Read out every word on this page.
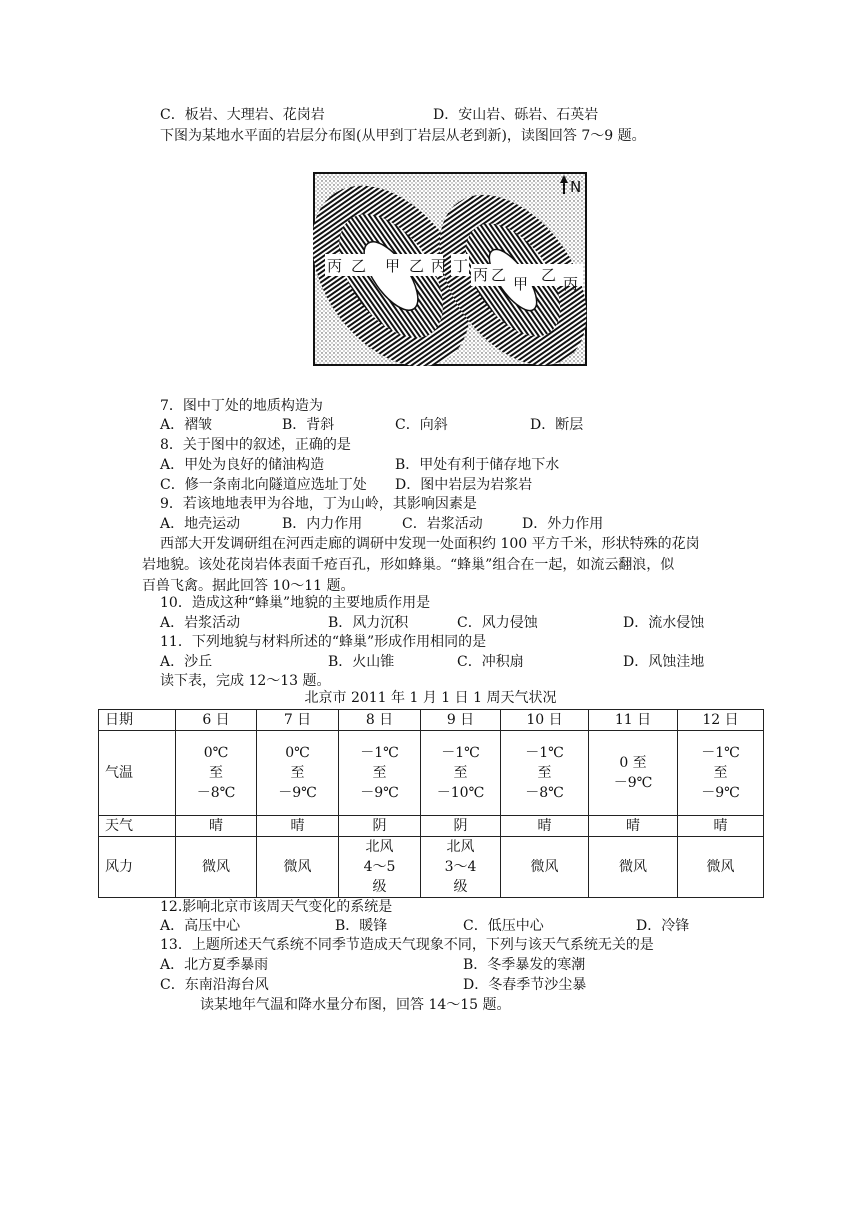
C．板岩、大理岩、花岗岩	D．安山岩、砾岩、石英岩
下图为某地水平面的岩层分布图(从甲到丁岩层从老到新)，读图回答 7～9 题。
N
丙 乙 甲 乙 丙 丁 丙 乙 甲 乙 丙
7．图中丁处的地质构造为
A．褶皱	B．背斜	C．向斜	D．断层
8．关于图中的叙述，正确的是
A．甲处为良好的储油构造	B．甲处有利于储存地下水
C．修一条南北向隧道应选址丁处 D．图中岩层为岩浆岩
9．若该地地表甲为谷地，丁为山岭，其影响因素是
A．地壳运动	B．内力作用	C．岩浆活动	D．外力作用
西部大开发调研组在河西走廊的调研中发现一处面积约 100 平方千米，形状特殊的花岗
岩地貌。该处花岗岩体表面千疮百孔，形如蜂巢。“蜂巢”组合在一起，如流云翻浪，似
百兽飞禽。据此回答 10～11 题。
10．造成这种“蜂巢”地貌的主要地质作用是
A．岩浆活动	B．风力沉积	C．风力侵蚀	D．流水侵蚀
11．下列地貌与材料所述的“蜂巢”形成作用相同的是
A．沙丘	B．火山锥	C．冲积扇	D．风蚀洼地
读下表，完成 12～13 题。
北京市 2011 年 1 月 1 日 1 周天气状况
日期	6 日	7 日	8 日	9 日	10 日	11 日	12 日
气温	0℃
至
－8℃	0℃
至
－9℃	－1℃
至
－9℃	－1℃
至
－10℃	－1℃
至
－8℃	0 至
－9℃	－1℃
至
－9℃

天气	晴	晴	阴	阴	晴	晴	晴
风力	微风	微风	北风
4～5
级	北风
3～4
级	微风	微风	微风
12.影响北京市该周天气变化的系统是
A．高压中心	B．暖锋	C．低压中心	D．冷锋
13．上题所述天气系统不同季节造成天气现象不同，下列与该天气系统无关的是
A．北方夏季暴雨	B．冬季暴发的寒潮
C．东南沿海台风	D．冬春季节沙尘暴
读某地年气温和降水量分布图，回答 14～15 题。
